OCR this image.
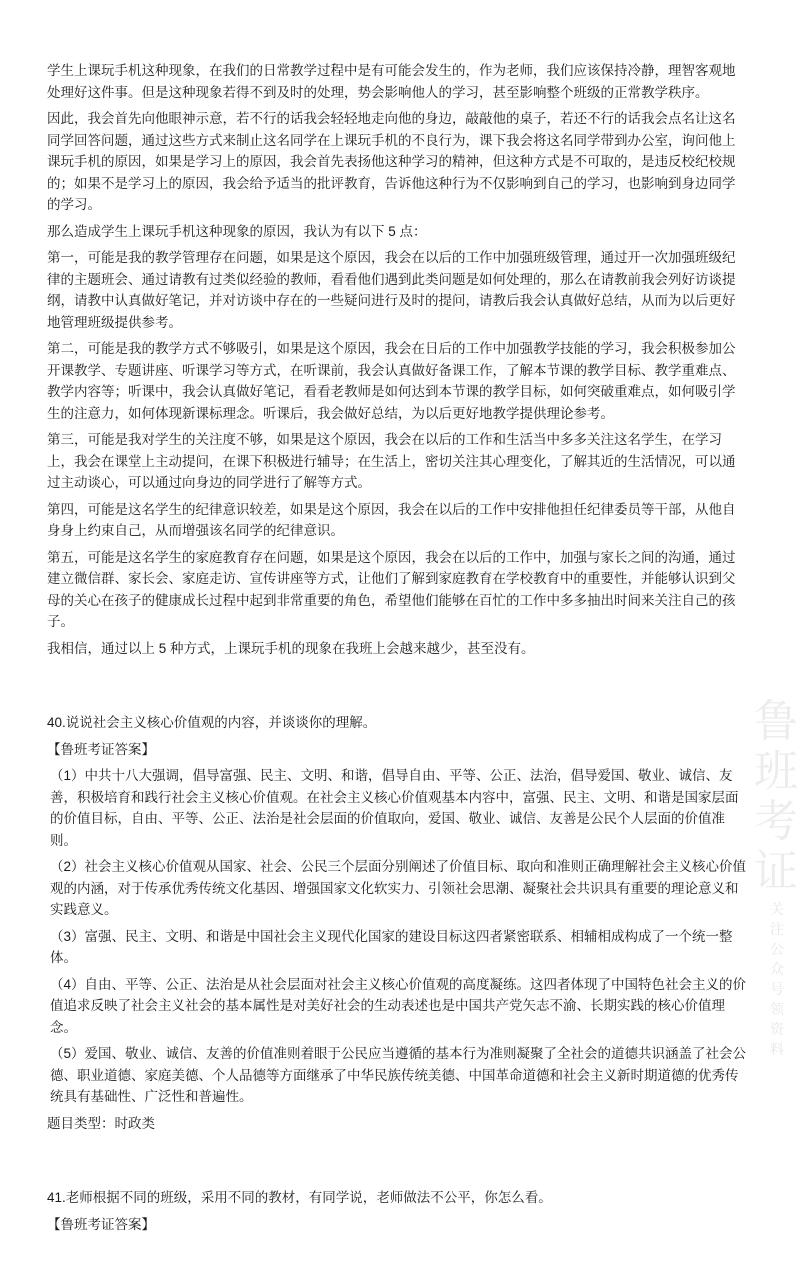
鲁
班
考
证
关注公众号领资料

学生上课玩手机这种现象，在我们的日常教学过程中是有可能会发生的，作为老师，我们应该保持冷静，理智客观地处理好这件事。但是这种现象若得不到及时的处理，势会影响他人的学习，甚至影响整个班级的正常教学秩序。

因此，我会首先向他眼神示意，若不行的话我会轻轻地走向他的身边，敲敲他的桌子，若还不行的话我会点名让这名同学回答问题，通过这些方式来制止这名同学在上课玩手机的不良行为，课下我会将这名同学带到办公室，询问他上课玩手机的原因，如果是学习上的原因，我会首先表扬他这种学习的精神，但这种方式是不可取的，是违反校纪校规的；如果不是学习上的原因，我会给予适当的批评教育，告诉他这种行为不仅影响到自己的学习，也影响到身边同学的学习。

那么造成学生上课玩手机这种现象的原因，我认为有以下 5 点：

第一，可能是我的教学管理存在问题，如果是这个原因，我会在以后的工作中加强班级管理，通过开一次加强班级纪律的主题班会、通过请教有过类似经验的教师，看看他们遇到此类问题是如何处理的，那么在请教前我会列好访谈提纲，请教中认真做好笔记，并对访谈中存在的一些疑问进行及时的提问，请教后我会认真做好总结，从而为以后更好地管理班级提供参考。

第二，可能是我的教学方式不够吸引，如果是这个原因，我会在日后的工作中加强教学技能的学习，我会积极参加公开课教学、专题讲座、听课学习等方式，在听课前，我会认真做好备课工作，了解本节课的教学目标、教学重难点、教学内容等；听课中，我会认真做好笔记，看看老教师是如何达到本节课的教学目标，如何突破重难点，如何吸引学生的注意力，如何体现新课标理念。听课后，我会做好总结，为以后更好地教学提供理论参考。

第三，可能是我对学生的关注度不够，如果是这个原因，我会在以后的工作和生活当中多多关注这名学生，在学习上，我会在课堂上主动提问，在课下积极进行辅导；在生活上，密切关注其心理变化，了解其近的生活情况，可以通过主动谈心，可以通过向身边的同学进行了解等方式。

第四，可能是这名学生的纪律意识较差，如果是这个原因，我会在以后的工作中安排他担任纪律委员等干部，从他自身身上约束自己，从而增强该名同学的纪律意识。

第五，可能是这名学生的家庭教育存在问题，如果是这个原因，我会在以后的工作中，加强与家长之间的沟通，通过建立微信群、家长会、家庭走访、宣传讲座等方式，让他们了解到家庭教育在学校教育中的重要性，并能够认识到父母的关心在孩子的健康成长过程中起到非常重要的角色，希望他们能够在百忙的工作中多多抽出时间来关注自己的孩子。

我相信，通过以上 5 种方式，上课玩手机的现象在我班上会越来越少，甚至没有。

40.说说社会主义核心价值观的内容，并谈谈你的理解。

【鲁班考证答案】

（1）中共十八大强调，倡导富强、民主、文明、和谐，倡导自由、平等、公正、法治，倡导爱国、敬业、诚信、友善，积极培育和践行社会主义核心价值观。在社会主义核心价值观基本内容中，富强、民主、文明、和谐是国家层面的价值目标，自由、平等、公正、法治是社会层面的价值取向，爱国、敬业、诚信、友善是公民个人层面的价值准则。

（2）社会主义核心价值观从国家、社会、公民三个层面分别阐述了价值目标、取向和准则正确理解社会主义核心价值观的内涵，对于传承优秀传统文化基因、增强国家文化软实力、引领社会思潮、凝聚社会共识具有重要的理论意义和实践意义。

（3）富强、民主、文明、和谐是中国社会主义现代化国家的建设目标这四者紧密联系、相辅相成构成了一个统一整体。

（4）自由、平等、公正、法治是从社会层面对社会主义核心价值观的高度凝练。这四者体现了中国特色社会主义的价值追求反映了社会主义社会的基本属性是对美好社会的生动表述也是中国共产党矢志不渝、长期实践的核心价值理念。

（5）爱国、敬业、诚信、友善的价值准则着眼于公民应当遵循的基本行为准则凝聚了全社会的道德共识涵盖了社会公德、职业道德、家庭美德、个人品德等方面继承了中华民族传统美德、中国革命道德和社会主义新时期道德的优秀传统具有基础性、广泛性和普遍性。

题目类型：时政类

41.老师根据不同的班级，采用不同的教材，有同学说，老师做法不公平，你怎么看。

【鲁班考证答案】
